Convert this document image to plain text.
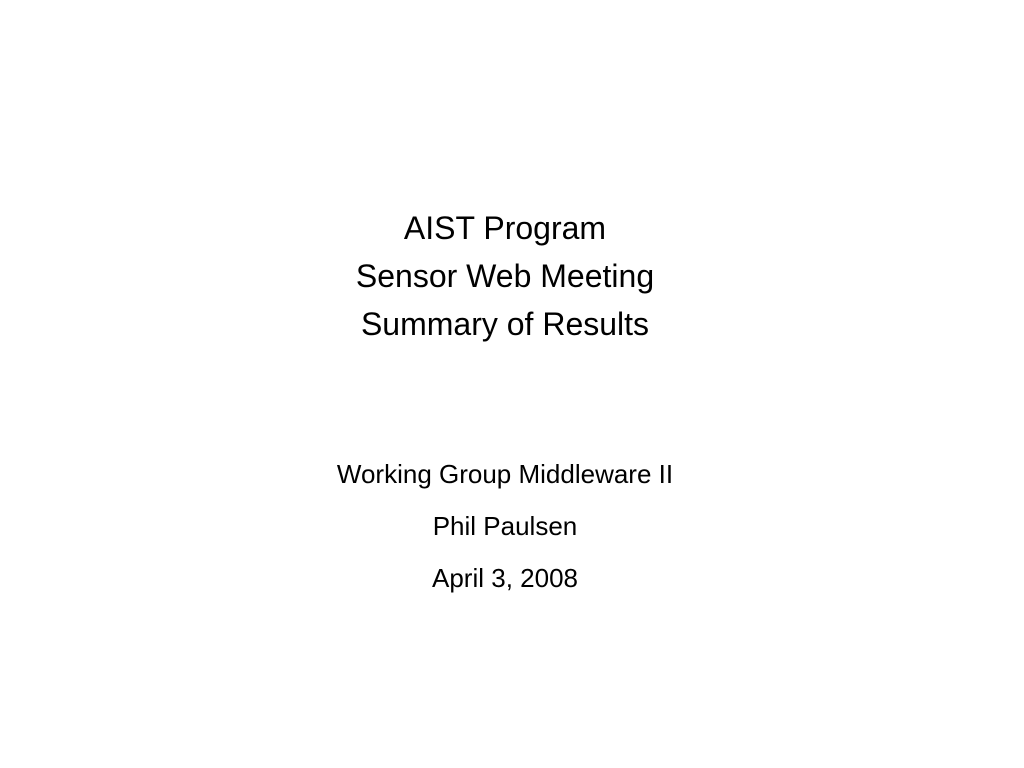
AIST Program
Sensor Web Meeting
Summary of Results
Working Group Middleware II
Phil Paulsen
April 3, 2008
